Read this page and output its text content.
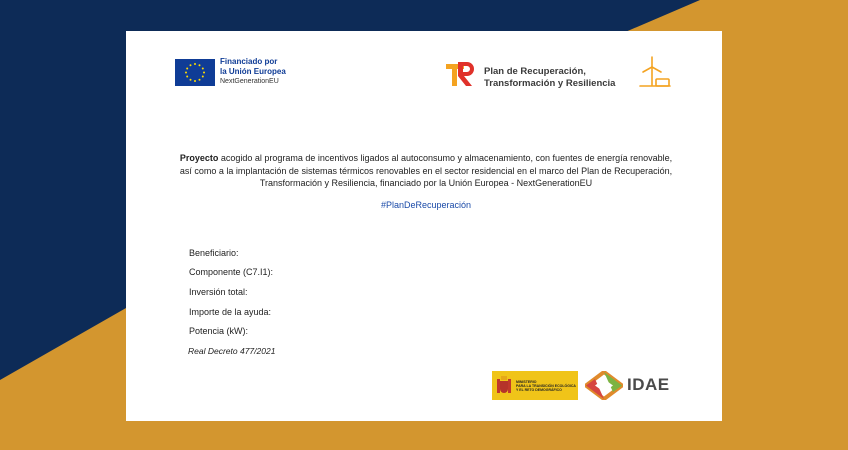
Financiado por
la Unión Europea
NextGenerationEU
Plan de Recuperación,
Transformación y Resiliencia
Proyecto acogido al programa de incentivos ligados al autoconsumo y almacenamiento, con fuentes de energía renovable, así como a la implantación de sistemas térmicos renovables en el sector residencial en el marco del Plan de Recuperación, Transformación y Resiliencia, financiado por la Unión Europea - NextGenerationEU
#PlanDeRecuperación
Beneficiario:
Componente (C7.I1):
Inversión total:
Importe de la ayuda:
Potencia (kW):
Real Decreto 477/2021
MINISTERIO
PARA LA TRANSICIÓN ECOLÓGICA
Y EL RETO DEMOGRÁFICO	IDAE
